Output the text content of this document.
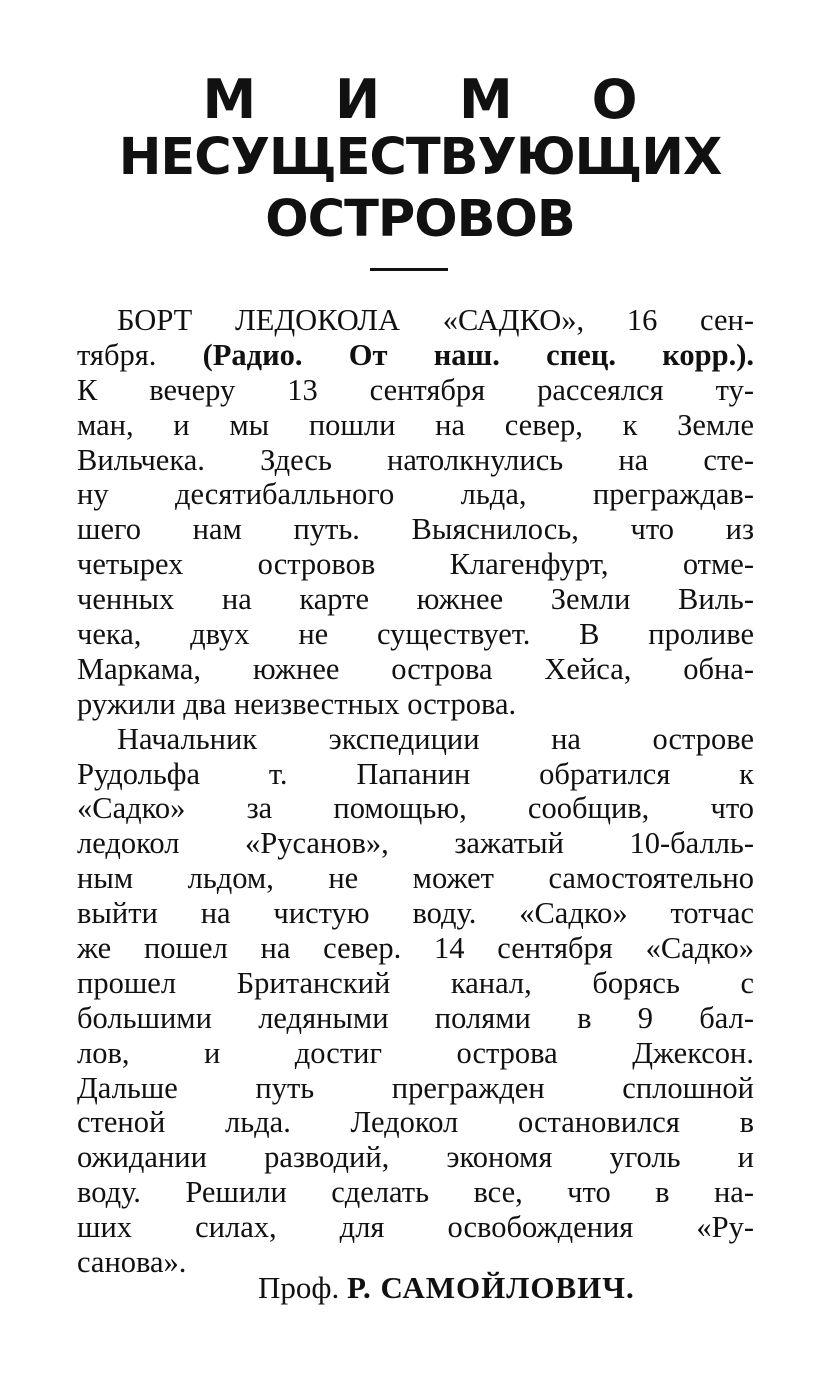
М И М О
НЕСУЩЕСТВУЮЩИХ
ОСТРОВОВ
БОРТ ЛЕДОКОЛА «САДКО», 16 сен-
тября. (Радио. От наш. спец. корр.).
К вечеру 13 сентября рассеялся ту-
ман, и мы пошли на север, к Земле
Вильчека. Здесь натолкнулись на сте-
ну десятибалльного льда, преграждав-
шего нам путь. Выяснилось, что из
четырех островов Клагенфурт, отме-
ченных на карте южнее Земли Виль-
чека, двух не существует. В проливе
Маркама, южнее острова Хейса, обна-
ружили два неизвестных острова.
Начальник экспедиции на острове
Рудольфа т. Папанин обратился к
«Садко» за помощью, сообщив, что
ледокол «Русанов», зажатый 10-балль-
ным льдом, не может самостоятельно
выйти на чистую воду. «Садко» тотчас
же пошел на север. 14 сентября «Садко»
прошел Британский канал, борясь с
большими ледяными полями в 9 бал-
лов, и достиг острова Джексон.
Дальше путь прегражден сплошной
стеной льда. Ледокол остановился в
ожидании разводий, экономя уголь и
воду. Решили сделать все, что в на-
ших силах, для освобождения «Ру-
санова».
Проф. Р. САМОЙЛОВИЧ.
